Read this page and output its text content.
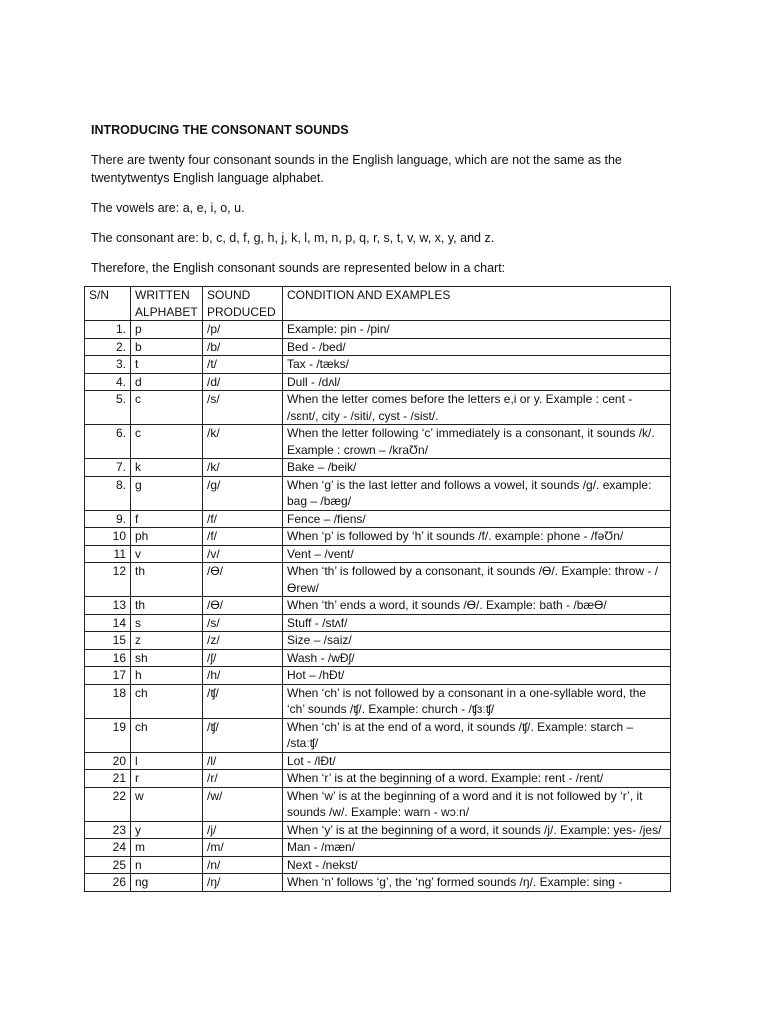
INTRODUCING THE CONSONANT SOUNDS
There are twenty four consonant sounds in the English language, which are not the same as the twentytwentys English language alphabet.
The vowels are: a, e, i, o, u.
The consonant are: b, c, d, f, g, h, j, k, l, m, n, p, q, r, s, t, v, w, x, y, and z.
Therefore, the English consonant sounds are represented below in a chart:
S/N	WRITTEN ALPHABET	SOUND PRODUCED	CONDITION AND EXAMPLES
1.	p	/p/	Example: pin - /pin/
2.	b	/b/	Bed - /bed/
3.	t	/t/	Tax - /tæks/
4.	d	/d/	Dull - /dʌl/
5.	c	/s/	When the letter comes before the letters e,i or y. Example : cent - /sɛnt/, city - /siti/, cyst - /sist/.
6.	c	/k/	When the letter following ‘c’ immediately is a consonant, it sounds /k/. Example : crown – /kraƱn/
7.	k	/k/	Bake – /beik/
8.	g	/g/	When ‘g’ is the last letter and follows a vowel, it sounds /g/. example: bag – /bæg/
9.	f	/f/	Fence – /fiens/
10	ph	/f/	When ‘p’ is followed by ‘h’ it sounds /f/. example: phone - /fəƱn/
11	v	/v/	Vent – /vent/
12	th	/Ɵ/	When ‘th’ is followed by a consonant, it sounds /Ɵ/. Example: throw - /Ɵrew/
13	th	/Ɵ/	When ‘th’ ends a word, it sounds /Ɵ/. Example: bath - /bæƟ/
14	s	/s/	Stuff - /stʌf/
15	z	/z/	Size – /saiz/
16	sh	/ʃ/	Wash - /wƉʃ/
17	h	/h/	Hot – /hƉt/
18	ch	/ʧ/	When ‘ch’ is not followed by a consonant in a one-syllable word, the ‘ch’ sounds /ʧ/. Example: church - /ʧɜːʧ/
19	ch	/ʧ/	When ‘ch’ is at the end of a word, it sounds /ʧ/. Example: starch – /staːʧ/
20	l	/l/	Lot - /lƉt/
21	r	/r/	When ‘r’ is at the beginning of a word. Example: rent - /rent/
22	w	/w/	When ‘w’ is at the beginning of a word and it is not followed by ‘r’, it sounds /w/. Example: warn - wɔːn/
23	y	/j/	When ‘y’ is at the beginning of a word, it sounds /j/. Example: yes- /jes/
24	m	/m/	Man - /mæn/
25	n	/n/	Next - /nekst/
26	ng	/ŋ/	When ‘n’ follows ‘g’, the ‘ng’ formed sounds /ŋ/. Example: sing -
